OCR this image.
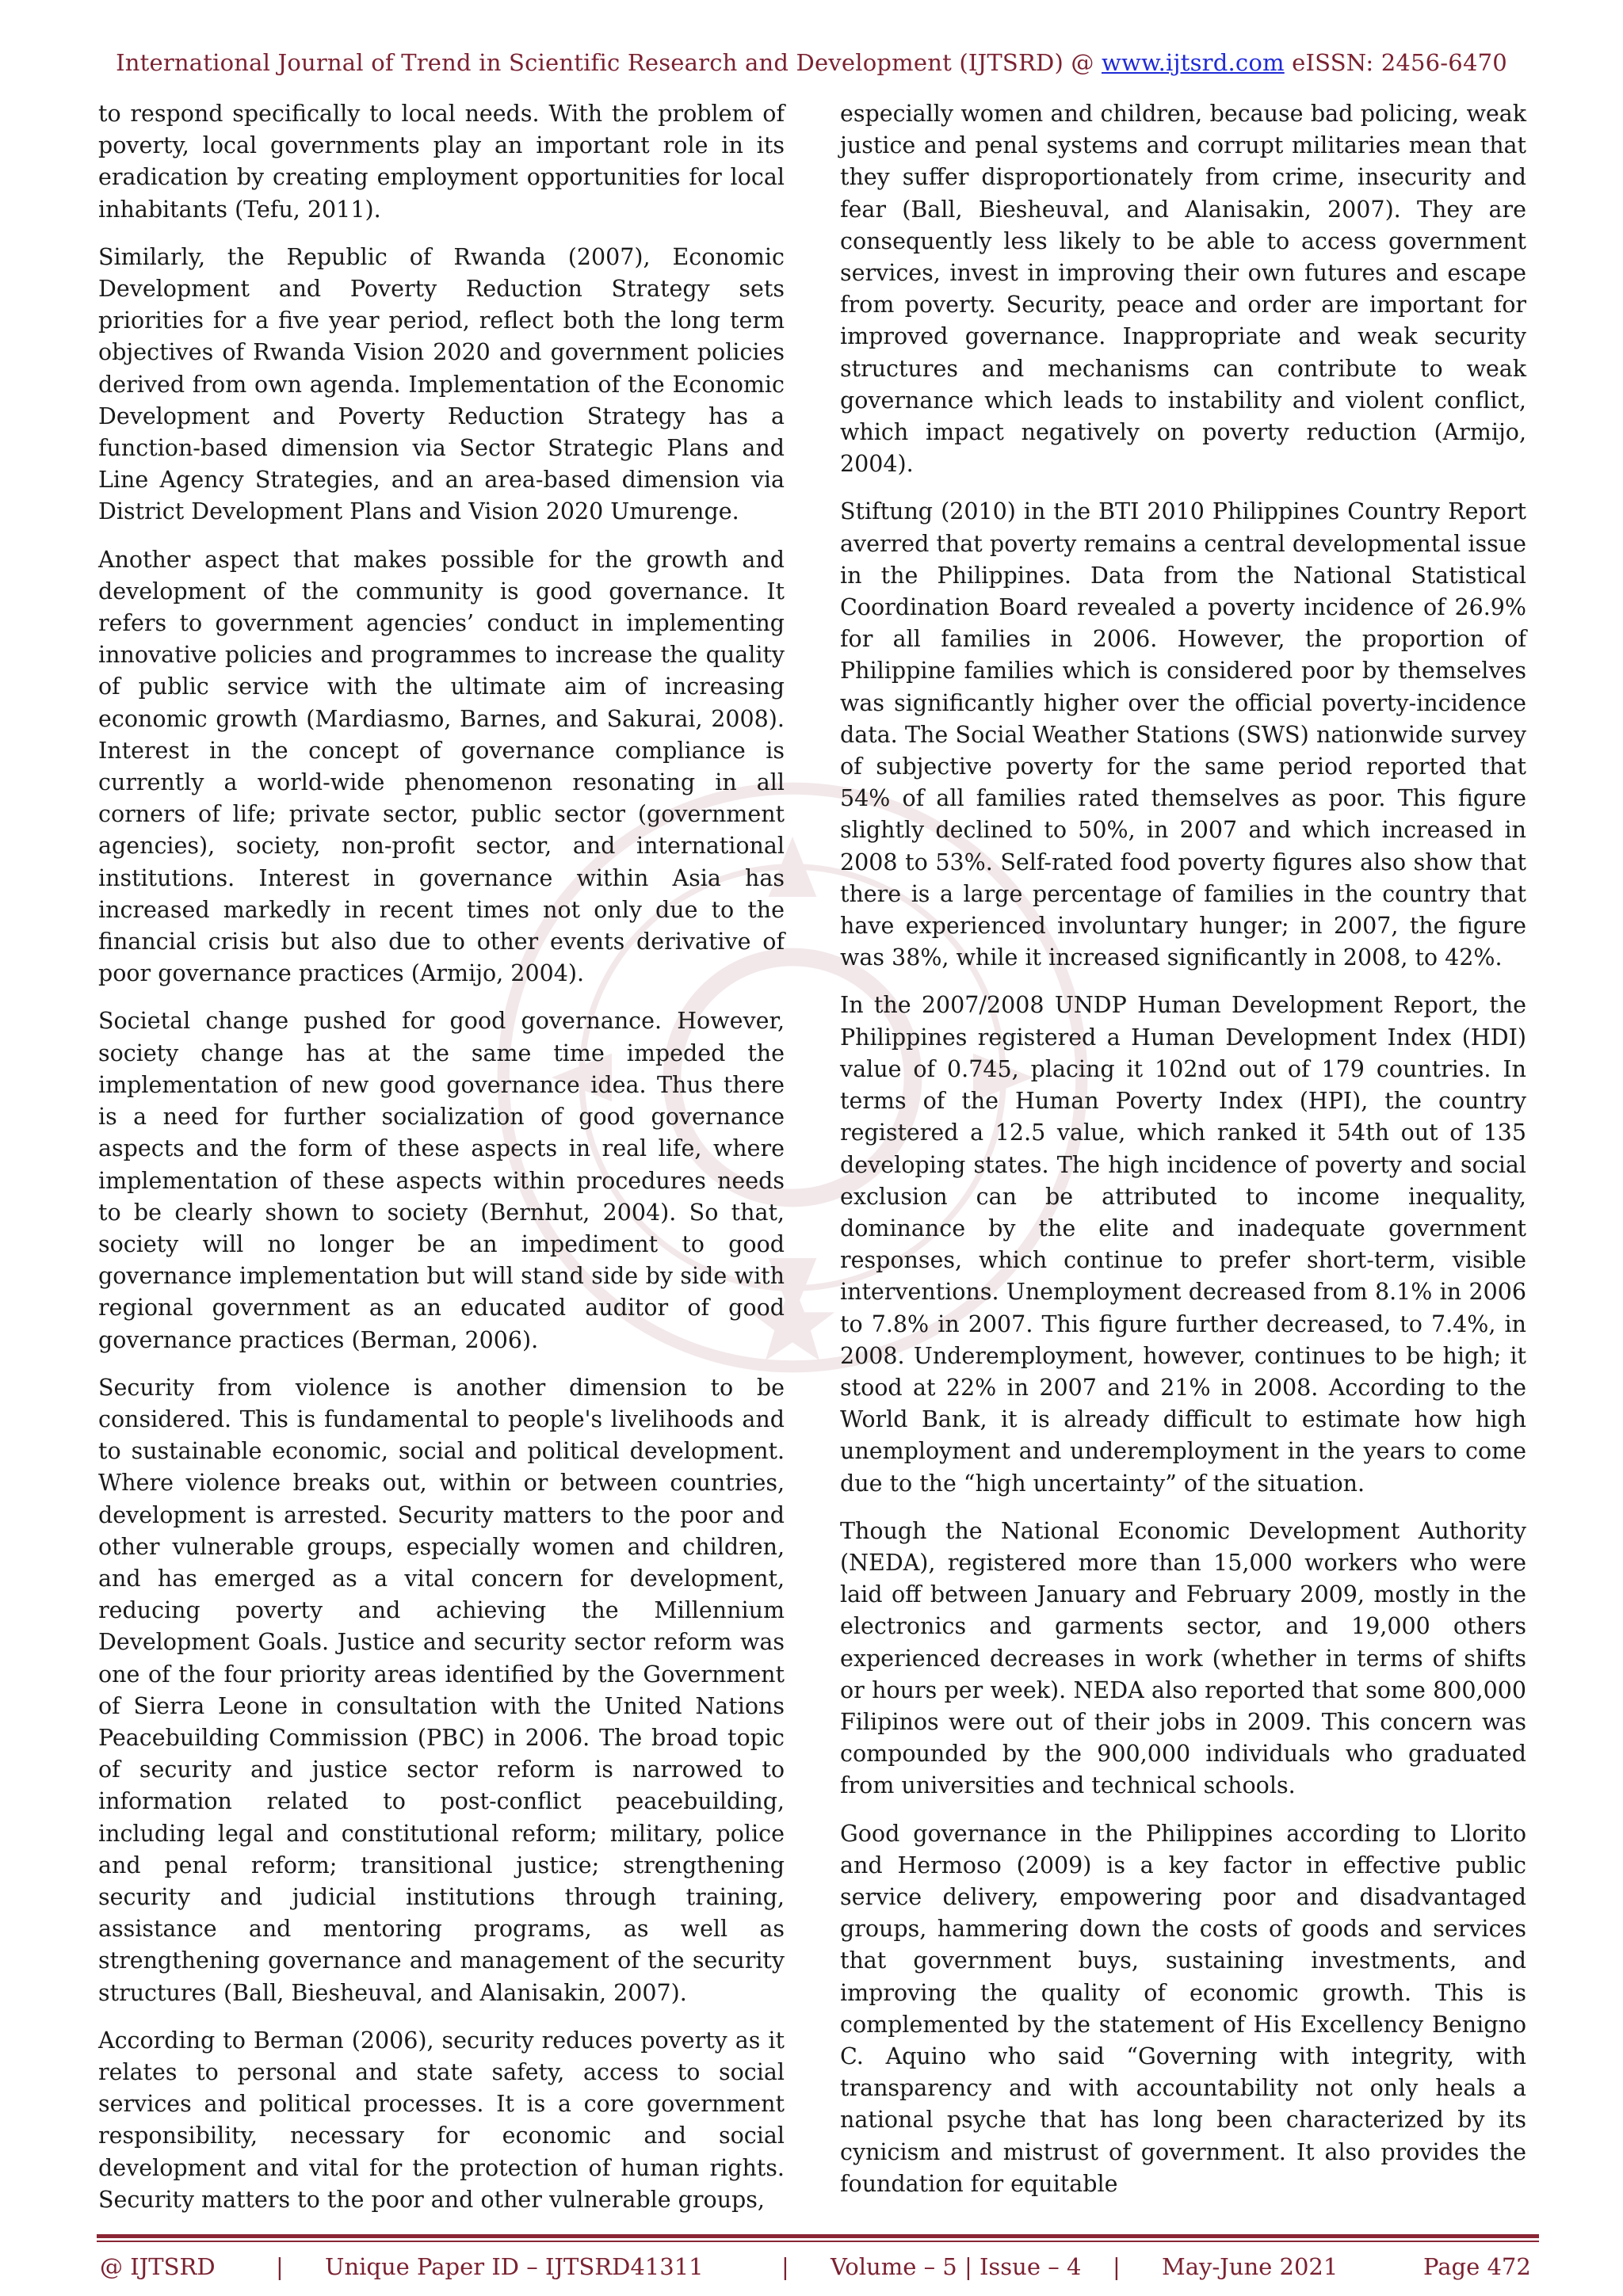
International Journal of Trend in Scientific Research and Development (IJTSRD) @ www.ijtsrd.com eISSN: 2456-6470

to respond specifically to local needs. With the problem of poverty, local governments play an important role in its eradication by creating employment opportunities for local inhabitants (Tefu, 2011).

Similarly, the Republic of Rwanda (2007), Economic Development and Poverty Reduction Strategy sets priorities for a five year period, reflect both the long term objectives of Rwanda Vision 2020 and government policies derived from own agenda. Implementation of the Economic Development and Poverty Reduction Strategy has a function-based dimension via Sector Strategic Plans and Line Agency Strategies, and an area-based dimension via District Development Plans and Vision 2020 Umurenge.

Another aspect that makes possible for the growth and development of the community is good governance. It refers to government agencies’ conduct in implementing innovative policies and programmes to increase the quality of public service with the ultimate aim of increasing economic growth (Mardiasmo, Barnes, and Sakurai, 2008). Interest in the concept of governance compliance is currently a world-wide phenomenon resonating in all corners of life; private sector, public sector (government agencies), society, non-profit sector, and international institutions. Interest in governance within Asia has increased markedly in recent times not only due to the financial crisis but also due to other events derivative of poor governance practices (Armijo, 2004).

Societal change pushed for good governance. However, society change has at the same time impeded the implementation of new good governance idea. Thus there is a need for further socialization of good governance aspects and the form of these aspects in real life, where implementation of these aspects within procedures needs to be clearly shown to society (Bernhut, 2004). So that, society will no longer be an impediment to good governance implementation but will stand side by side with regional government as an educated auditor of good governance practices (Berman, 2006).

Security from violence is another dimension to be considered. This is fundamental to people's livelihoods and to sustainable economic, social and political development. Where violence breaks out, within or between countries, development is arrested. Security matters to the poor and other vulnerable groups, especially women and children, and has emerged as a vital concern for development, reducing poverty and achieving the Millennium Development Goals. Justice and security sector reform was one of the four priority areas identified by the Government of Sierra Leone in consultation with the United Nations Peacebuilding Commission (PBC) in 2006. The broad topic of security and justice sector reform is narrowed to information related to post-conflict peacebuilding, including legal and constitutional reform; military, police and penal reform; transitional justice; strengthening security and judicial institutions through training, assistance and mentoring programs, as well as strengthening governance and management of the security structures (Ball, Biesheuval, and Alanisakin, 2007).

According to Berman (2006), security reduces poverty as it relates to personal and state safety, access to social services and political processes. It is a core government responsibility, necessary for economic and social development and vital for the protection of human rights. Security matters to the poor and other vulnerable groups,

especially women and children, because bad policing, weak justice and penal systems and corrupt militaries mean that they suffer disproportionately from crime, insecurity and fear (Ball, Biesheuval, and Alanisakin, 2007). They are consequently less likely to be able to access government services, invest in improving their own futures and escape from poverty. Security, peace and order are important for improved governance. Inappropriate and weak security structures and mechanisms can contribute to weak governance which leads to instability and violent conflict, which impact negatively on poverty reduction (Armijo, 2004).

Stiftung (2010) in the BTI 2010 Philippines Country Report averred that poverty remains a central developmental issue in the Philippines. Data from the National Statistical Coordination Board revealed a poverty incidence of 26.9% for all families in 2006. However, the proportion of Philippine families which is considered poor by themselves was significantly higher over the official poverty-incidence data. The Social Weather Stations (SWS) nationwide survey of subjective poverty for the same period reported that 54% of all families rated themselves as poor. This figure slightly declined to 50%, in 2007 and which increased in 2008 to 53%. Self-rated food poverty figures also show that there is a large percentage of families in the country that have experienced involuntary hunger; in 2007, the figure was 38%, while it increased significantly in 2008, to 42%.

In the 2007/2008 UNDP Human Development Report, the Philippines registered a Human Development Index (HDI) value of 0.745, placing it 102nd out of 179 countries. In terms of the Human Poverty Index (HPI), the country registered a 12.5 value, which ranked it 54th out of 135 developing states. The high incidence of poverty and social exclusion can be attributed to income inequality, dominance by the elite and inadequate government responses, which continue to prefer short-term, visible interventions. Unemployment decreased from 8.1% in 2006 to 7.8% in 2007. This figure further decreased, to 7.4%, in 2008. Underemployment, however, continues to be high; it stood at 22% in 2007 and 21% in 2008. According to the World Bank, it is already difficult to estimate how high unemployment and underemployment in the years to come due to the “high uncertainty” of the situation.

Though the National Economic Development Authority (NEDA), registered more than 15,000 workers who were laid off between January and February 2009, mostly in the electronics and garments sector, and 19,000 others experienced decreases in work (whether in terms of shifts or hours per week). NEDA also reported that some 800,000 Filipinos were out of their jobs in 2009. This concern was compounded by the 900,000 individuals who graduated from universities and technical schools.

Good governance in the Philippines according to Llorito and Hermoso (2009) is a key factor in effective public service delivery, empowering poor and disadvantaged groups, hammering down the costs of goods and services that government buys, sustaining investments, and improving the quality of economic growth. This is complemented by the statement of His Excellency Benigno C. Aquino who said “Governing with integrity, with transparency and with accountability not only heals a national psyche that has long been characterized by its cynicism and mistrust of government. It also provides the foundation for equitable

@ IJTSRD	| Unique Paper ID – IJTSRD41311	| Volume – 5 | Issue – 4 | May-June 2021	Page 472
